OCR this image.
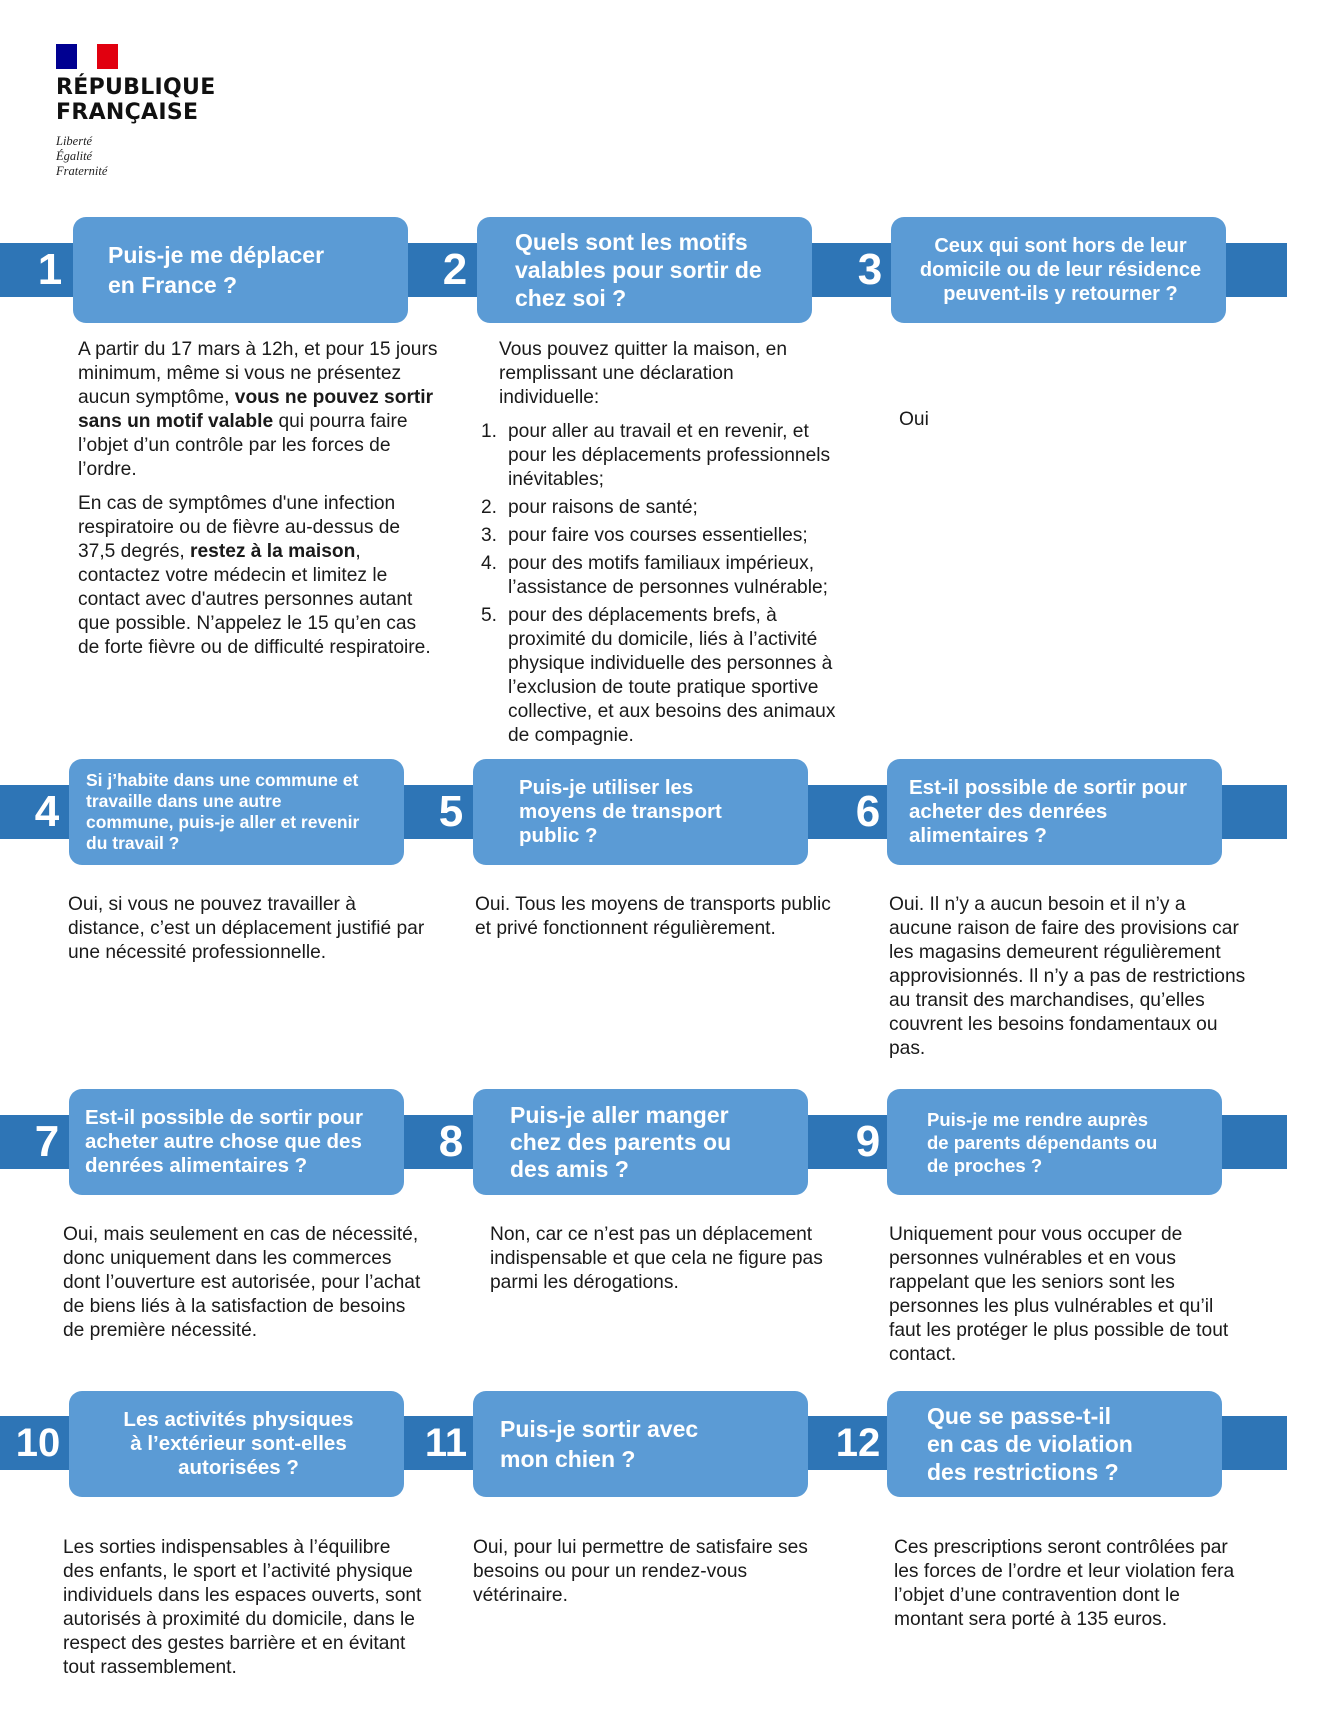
RÉPUBLIQUE
FRANÇAISE
Liberté
Égalité
Fraternité
1	Puis-je me déplacer
en France ?

A partir du 17 mars à 12h, et pour 15 jours minimum, même si vous ne présentez aucun symptôme, vous ne pouvez sortir sans un motif valable qui pourra faire l’objet d’un contrôle par les forces de l’ordre.

En cas de symptômes d'une infection respiratoire ou de fièvre au-dessus de 37,5 degrés, restez à la maison, contactez votre médecin et limitez le contact avec d'autres personnes autant que possible. N’appelez le 15 qu’en cas de forte fièvre ou de difficulté respiratoire.

2
Quels sont les motifs
valables pour sortir de
chez soi ?

Vous pouvez quitter la maison, en remplissant une déclaration individuelle:

1. pour aller au travail et en revenir, et pour les déplacements professionnels inévitables;
2. pour raisons de santé;
3. pour faire vos courses essentielles;
4. pour des motifs familiaux impérieux, l’assistance de personnes vulnérable;
5. pour des déplacements brefs, à proximité du domicile, liés à l’activité physique individuelle des personnes à l’exclusion de toute pratique sportive collective, et aux besoins des animaux de compagnie.
3	Ceux qui sont hors de leur
domicile ou de leur résidence
peuvent-ils y retourner ?

Oui

4
Si j’habite dans une commune et
travaille dans une autre
commune, puis-je aller et revenir
du travail ?

Oui, si vous ne pouvez travailler à distance, c’est un déplacement justifié par une nécessité professionnelle.

5	Puis-je utiliser les
moyens de transport
public ?

Oui. Tous les moyens de transports public et privé fonctionnent régulièrement.

6	Est-il possible de sortir pour
acheter des denrées
alimentaires ?

Oui. Il n’y a aucun besoin et il n’y a aucune raison de faire des provisions car les magasins demeurent régulièrement approvisionnés. Il n’y a pas de restrictions au transit des marchandises, qu’elles couvrent les besoins fondamentaux ou pas.

7	Est-il possible de sortir pour
acheter autre chose que des
denrées alimentaires ?

Oui, mais seulement en cas de nécessité, donc uniquement dans les commerces dont l’ouverture est autorisée, pour l’achat de biens liés à la satisfaction de besoins de première nécessité.

8
Puis-je aller manger
chez des parents ou
des amis ?

Non, car ce n’est pas un déplacement indispensable et que cela ne figure pas parmi les dérogations.

9	Puis-je me rendre auprès
de parents dépendants ou
de proches ?

Uniquement pour vous occuper de personnes vulnérables et en vous rappelant que les seniors sont les personnes les plus vulnérables et qu’il faut les protéger le plus possible de tout contact.

10
Les activités physiques
à l’extérieur sont-elles
autorisées ?

Les sorties indispensables à l’équilibre des enfants, le sport et l’activité physique individuels dans les espaces ouverts, sont autorisés à proximité du domicile, dans le respect des gestes barrière et en évitant tout rassemblement.

11	Puis-je sortir avec
mon chien ?

Oui, pour lui permettre de satisfaire ses besoins ou pour un rendez-vous vétérinaire.

12
Que se passe-t-il
en cas de violation
des restrictions ?

Ces prescriptions seront contrôlées par les forces de l’ordre et leur violation fera l’objet d’une contravention dont le montant sera porté à 135 euros.
